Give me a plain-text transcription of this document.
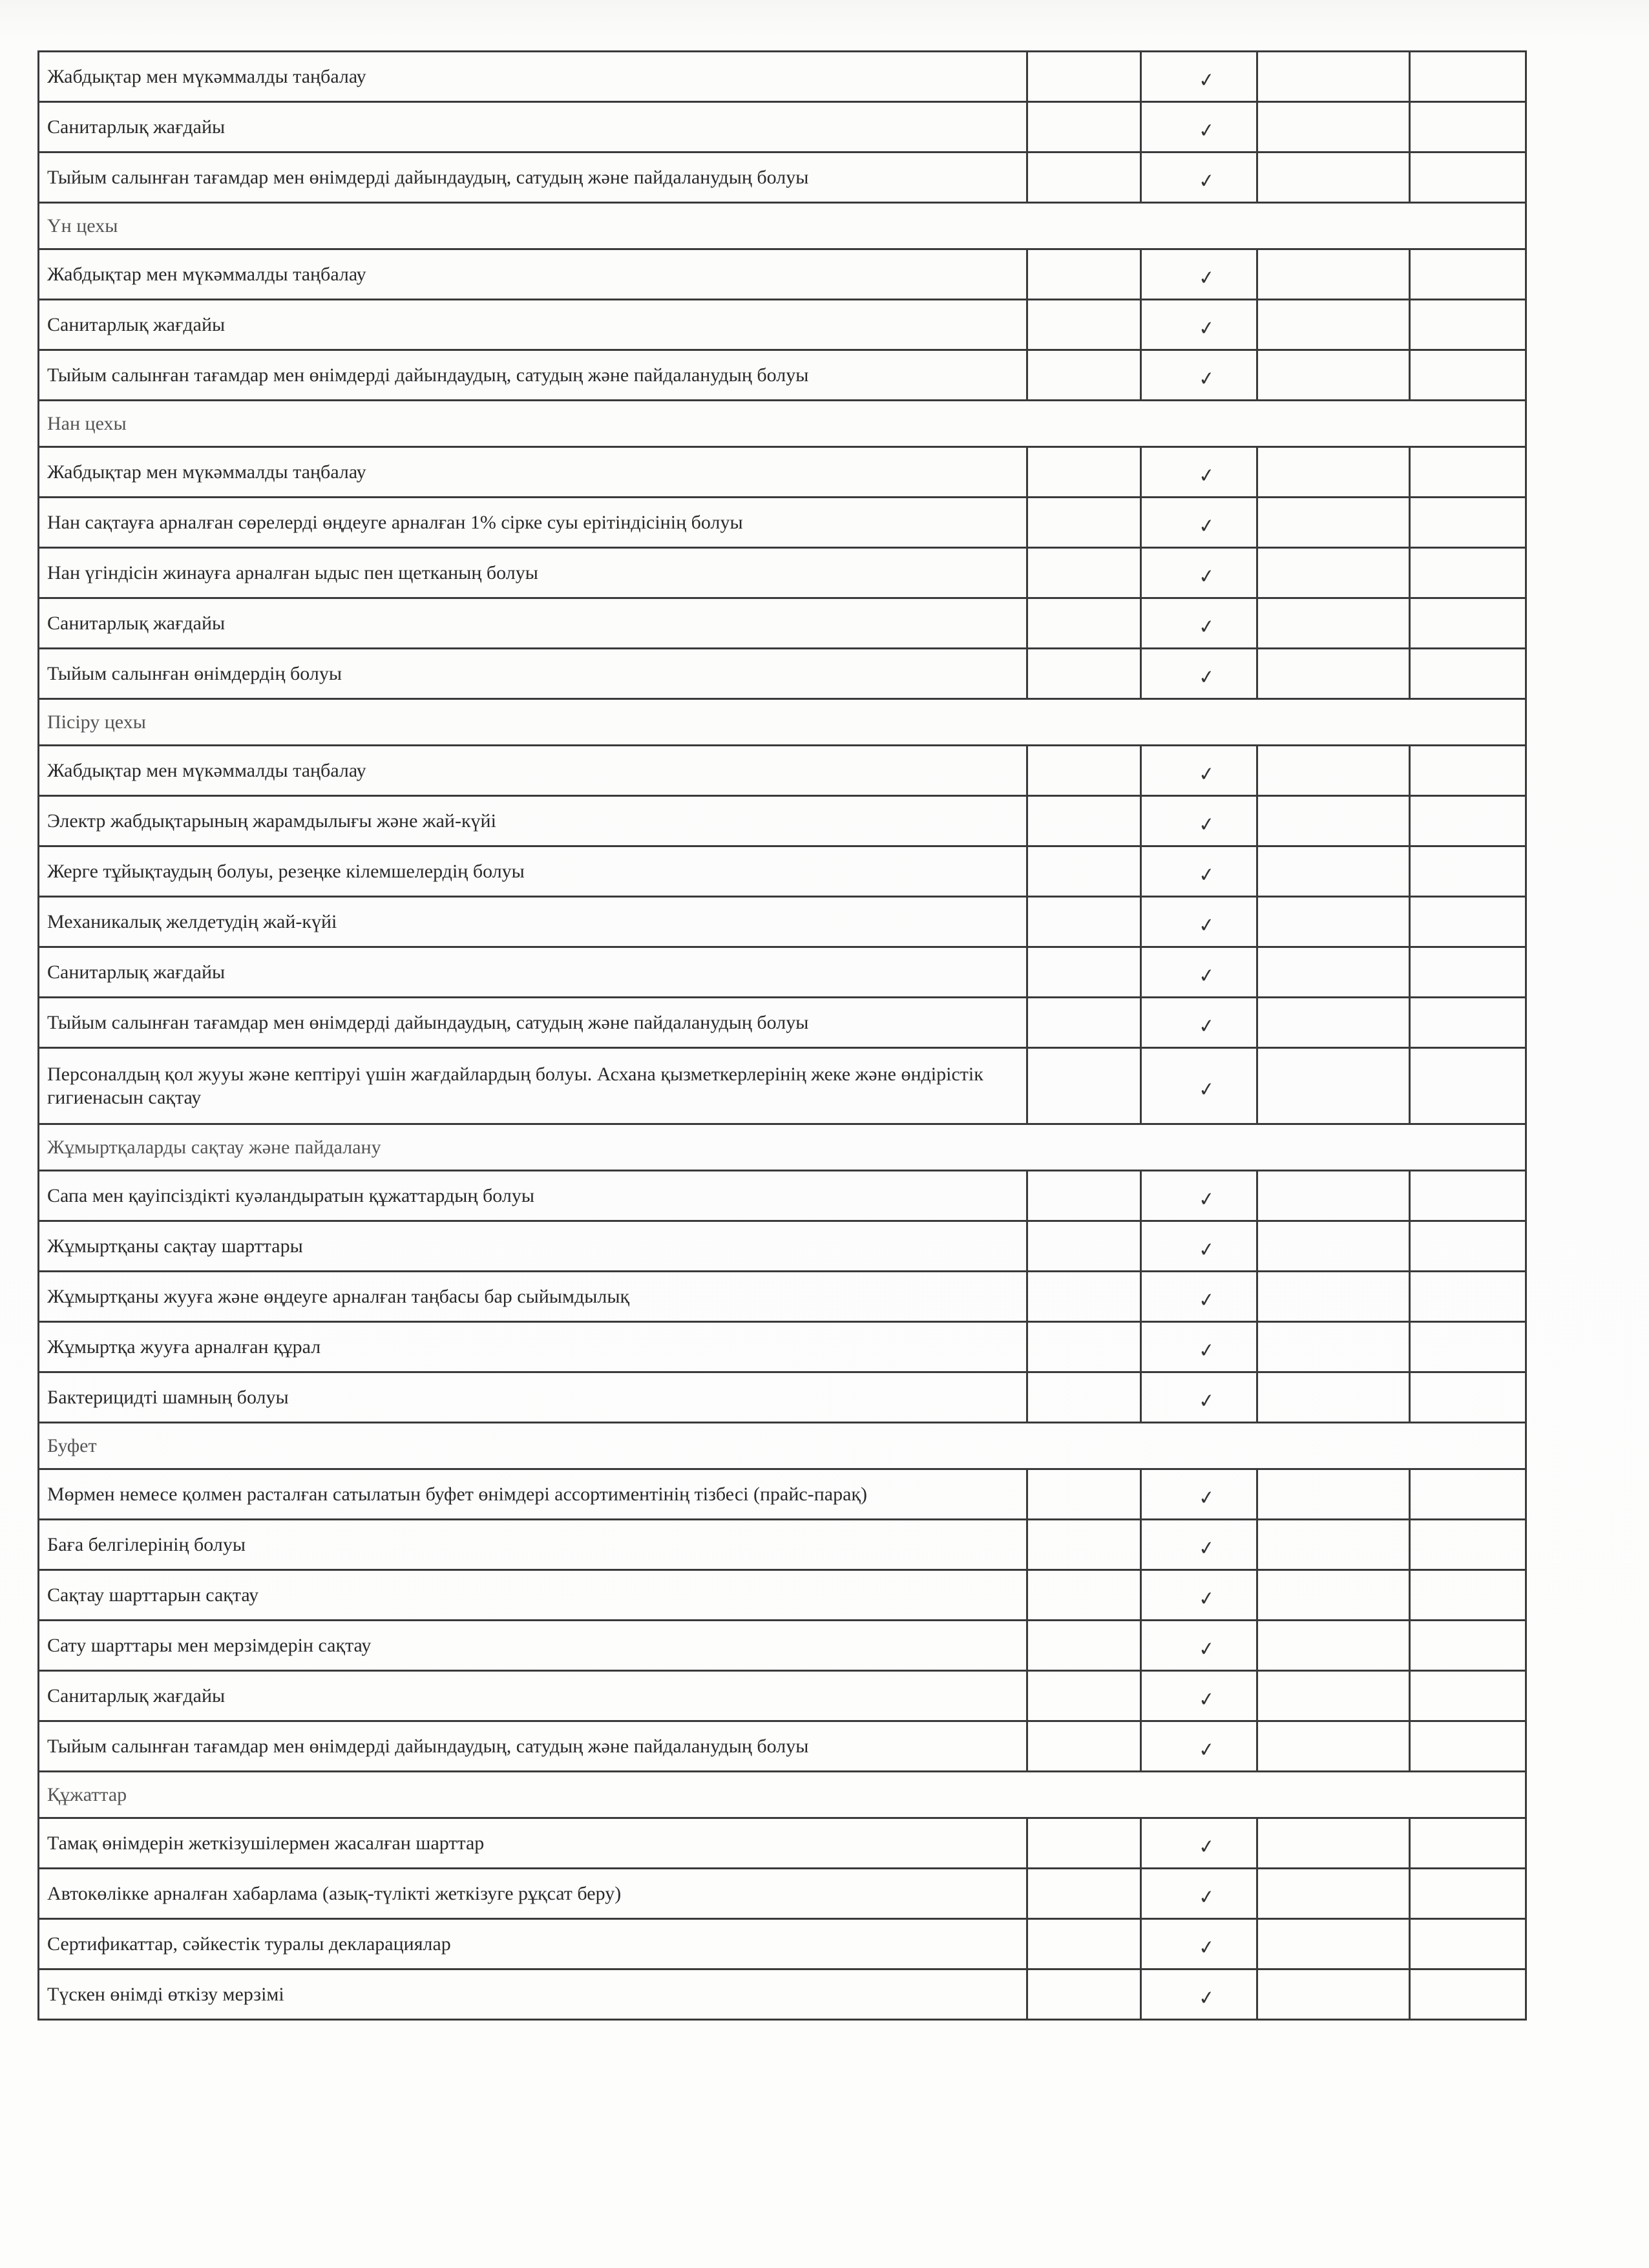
Жабдықтар мен мүкәммалды таңбалау		✓		
Санитарлық жағдайы		✓		
Тыйым салынған тағамдар мен өнімдерді дайындаудың, сатудың және пайдаланудың болуы		✓		
Үн цехы				
Жабдықтар мен мүкәммалды таңбалау		✓		
Санитарлық жағдайы		✓		
Тыйым салынған тағамдар мен өнімдерді дайындаудың, сатудың және пайдаланудың болуы		✓		
Нан цехы				
Жабдықтар мен мүкәммалды таңбалау		✓		
Нан сақтауға арналған сөрелерді өңдеуге арналған 1% сірке суы ерітіндісінің болуы		✓		
Нан үгіндісін жинауға арналған ыдыс пен щетканың болуы		✓		
Санитарлық жағдайы		✓		
Тыйым салынған өнімдердің болуы		✓		
Пісіру цехы				
Жабдықтар мен мүкәммалды таңбалау		✓		
Электр жабдықтарының жарамдылығы және жай-күйі		✓		
Жерге тұйықтаудың болуы, резеңке кілемшелердің болуы		✓		
Механикалық желдетудің жай-күйі		✓		
Санитарлық жағдайы		✓		
Тыйым салынған тағамдар мен өнімдерді дайындаудың, сатудың және пайдаланудың болуы		✓		
Персоналдың қол жууы және кептіруі үшін жағдайлардың болуы. Асхана қызметкерлерінің жеке және өндірістік гигиенасын сақтау		✓		
Жұмыртқаларды сақтау және пайдалану				
Сапа мен қауіпсіздікті куәландыратын құжаттардың болуы		✓		
Жұмыртқаны сақтау шарттары		✓		
Жұмыртқаны жууға және өңдеуге арналған таңбасы бар сыйымдылық		✓		
Жұмыртқа жууға арналған құрал		✓		
Бактерицидті шамның болуы		✓		
Буфет				
Мөрмен немесе қолмен расталған сатылатын буфет өнімдері ассортиментінің тізбесі (прайс-парақ)		✓		
Баға белгілерінің болуы		✓		
Сақтау шарттарын сақтау		✓		
Сату шарттары мен мерзімдерін сақтау		✓		
Санитарлық жағдайы		✓		
Тыйым салынған тағамдар мен өнімдерді дайындаудың, сатудың және пайдаланудың болуы		✓		
Құжаттар				
Тамақ өнімдерін жеткізушілермен жасалған шарттар		✓		
Автокөлікке арналған хабарлама (азық-түлікті жеткізуге рұқсат беру)		✓		
Сертификаттар, сәйкестік туралы декларациялар		✓		
Түскен өнімді өткізу мерзімі		✓		
